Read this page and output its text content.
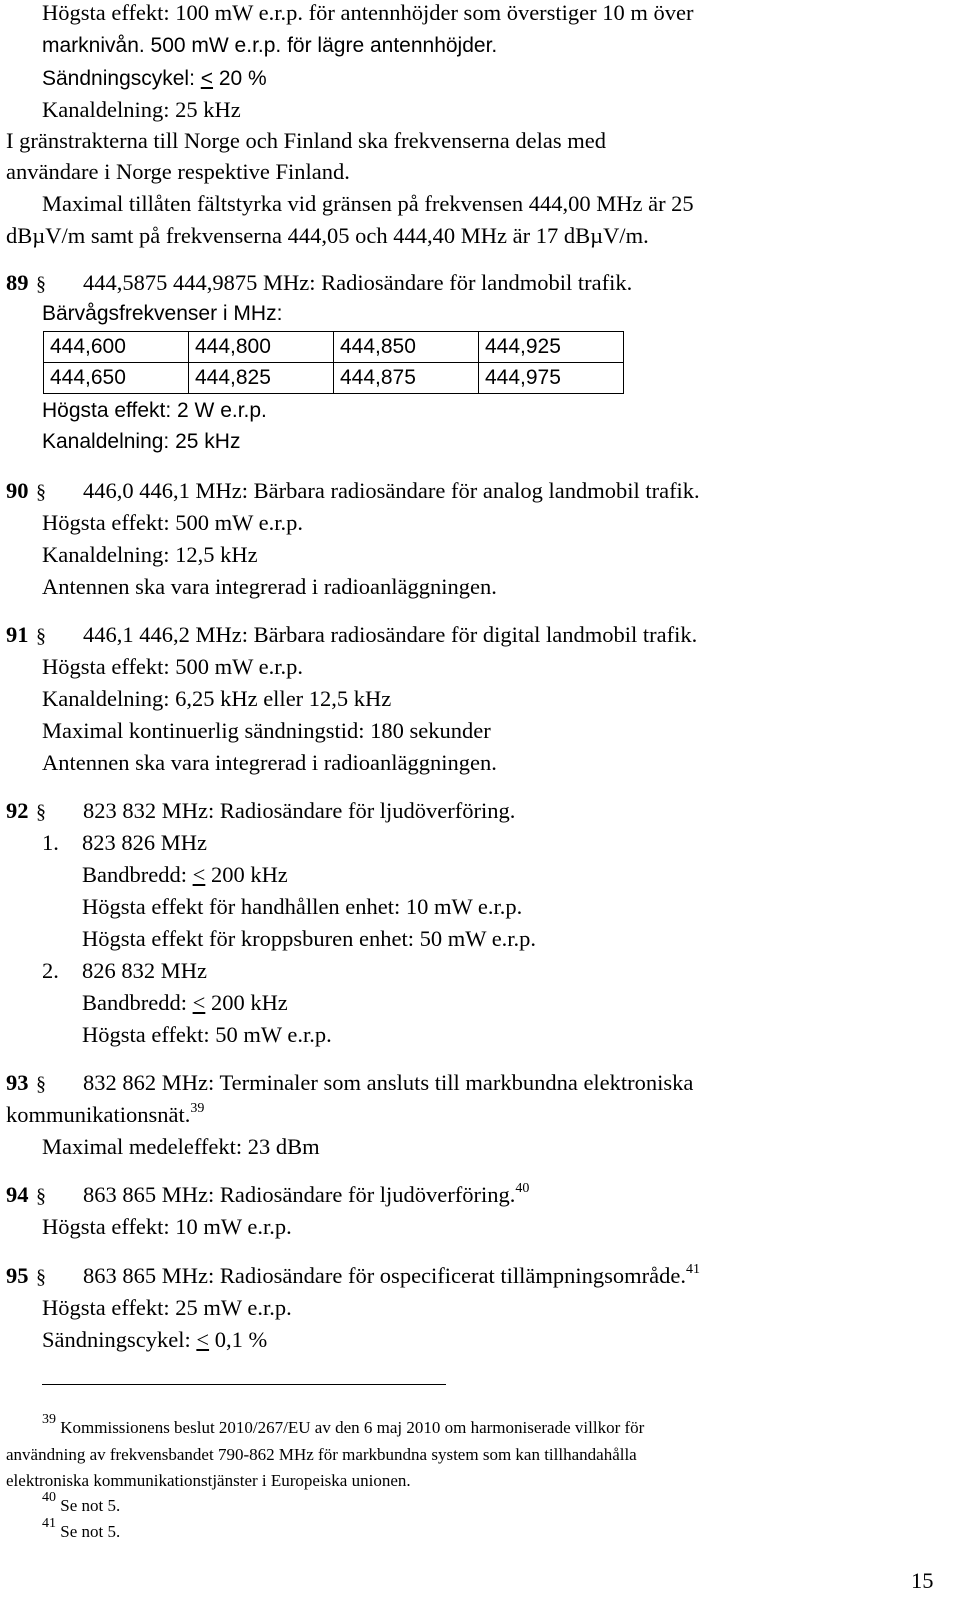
Högsta effekt: 100 mW e.r.p. för antennhöjder som överstiger 10 m över
marknivån. 500 mW e.r.p. för lägre antennhöjder.
Sändningscykel: < 20 %
Kanaldelning: 25 kHz
I gränstrakterna till Norge och Finland ska frekvenserna delas med
användare i Norge respektive Finland.
Maximal tillåten fältstyrka vid gränsen på frekvensen 444,00 MHz är 25
dBµV/m samt på frekvenserna 444,05 och 444,40 MHz är 17 dBµV/m.
89 § 444,5875 444,9875 MHz: Radiosändare för landmobil trafik.
Bärvågsfrekvenser i MHz:
444,600	444,800	444,850	444,925
444,650	444,825	444,875	444,975
Högsta effekt: 2 W e.r.p.
Kanaldelning: 25 kHz
90 § 446,0 446,1 MHz: Bärbara radiosändare för analog landmobil trafik.
Högsta effekt: 500 mW e.r.p.
Kanaldelning: 12,5 kHz
Antennen ska vara integrerad i radioanläggningen.
91 § 446,1 446,2 MHz: Bärbara radiosändare för digital landmobil trafik.
Högsta effekt: 500 mW e.r.p.
Kanaldelning: 6,25 kHz eller 12,5 kHz
Maximal kontinuerlig sändningstid: 180 sekunder
Antennen ska vara integrerad i radioanläggningen.
92 § 823 832 MHz: Radiosändare för ljudöverföring.
1. 823 826 MHz
Bandbredd: < 200 kHz
Högsta effekt för handhållen enhet: 10 mW e.r.p.
Högsta effekt för kroppsburen enhet: 50 mW e.r.p.
2. 826 832 MHz
Bandbredd: < 200 kHz
Högsta effekt: 50 mW e.r.p.
93 § 832 862 MHz: Terminaler som ansluts till markbundna elektroniska
kommunikationsnät.$^{39}$
Maximal medeleffekt: 23 dBm
94 § 863 865 MHz: Radiosändare för ljudöverföring.$^{40}$
Högsta effekt: 10 mW e.r.p.
95 § 863 865 MHz: Radiosändare för ospecificerat tillämpningsområde.$^{41}$
Högsta effekt: 25 mW e.r.p.
Sändningscykel: < 0,1 %
$^{39}$ Kommissionens beslut 2010/267/EU av den 6 maj 2010 om harmoniserade villkor för
användning av frekvensbandet 790-862 MHz för markbundna system som kan tillhandahålla
elektroniska kommunikationstjänster i Europeiska unionen.
$^{40}$ Se not 5.
$^{41}$ Se not 5.
15
